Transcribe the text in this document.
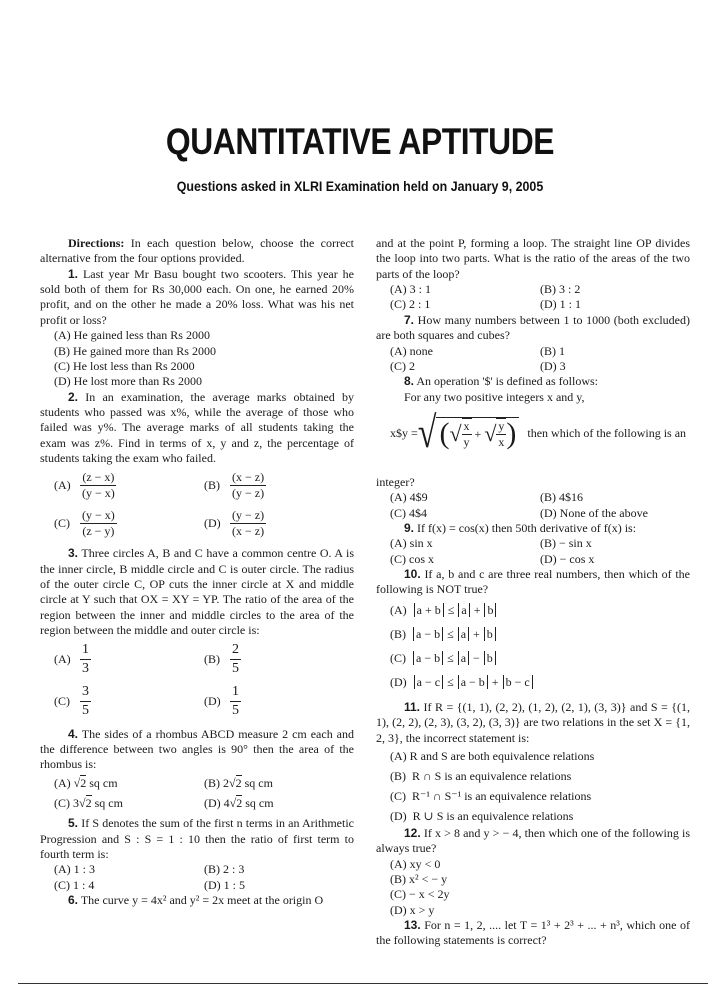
QUANTITATIVE APTITUDE
Questions asked in XLRI Examination held on January 9, 2005

Directions: In each question below, choose the correct alternative from the four options provided.

1. Last year Mr Basu bought two scooters. This year he sold both of them for Rs 30,000 each. On one, he earned 20% profit, and on the other he made a 20% loss. What was his net profit or loss?

(A) He gained less than Rs 2000
(B) He gained more than Rs 2000
(C) He lost less than Rs 2000
(D) He lost more than Rs 2000

2. In an examination, the average marks obtained by students who passed was x%, while the average of those who failed was y%. The average marks of all students taking the exam was z%. Find in terms of x, y and z, the percentage of students taking the exam who failed.

$(A) \frac{(z - x)}{(y - x)}$	$(B) \frac{(x - z)}{(y - z)}$
$(C) \frac{(y - x)}{(z - y)}$	$(D) \frac{(y - z)}{(x - z)}$

3. Three circles A, B and C have a common centre O. A is the inner circle, B middle circle and C is outer circle. The radius of the outer circle C, OP cuts the inner circle at X and middle circle at Y such that OX = XY = YP. The ratio of the area of the region between the inner and middle circles to the area of the region between the middle and outer circle is:

$(A) \frac{1}{3}$	$(B) \frac{2}{5}$
$(C) \frac{3}{5}$	$(D) \frac{1}{5}$

4. The sides of a rhombus ABCD measure 2 cm each and the difference between two angles is 90° then the area of the rhombus is:

(A) √2 sq cm	(B) 2√2 sq cm
(C) 3√2 sq cm	(D) 4√2 sq cm

5. If S denotes the sum of the first n terms in an Arithmetic Progression and S : S = 1 : 10 then the ratio of first term to fourth term is:

(A) 1 : 3	(B) 2 : 3
(C) 1 : 4	(D) 1 : 5

6. The curve y = 4x² and y² = 2x meet at the origin O

and at the point P, forming a loop. The straight line OP divides the loop into two parts. What is the ratio of the areas of the two parts of the loop?

(A) 3 : 1	(B) 3 : 2
(C) 2 : 1	(D) 1 : 1

7. How many numbers between 1 to 1000 (both excluded) are both squares and cubes?

(A) none	(B) 1
(C) 2	(D) 3

8. An operation '$' is defined as follows:

For any two positive integers x and y,

x$y = √ ( √ $\frac{x}{y}$ + √ $\frac{y}{x}$ ) then which of the following is an

integer?

(A) 4$9	(B) 4$16
(C) 4$4	(D) None of the above

9. If f(x) = cos(x) then 50th derivative of f(x) is:

(A) sin x	(B) − sin x
(C) cos x	(D) − cos x

10. If a, b and c are three real numbers, then which of the following is NOT true?

(A) a + b ≤ a + b
(B) a − b ≤ a + b
(C) a − b ≤ a − b
(D) a − c ≤ a − b + b − c

11. If R = {(1, 1), (2, 2), (1, 2), (2, 1), (3, 3)} and S = {(1, 1), (2, 2), (2, 3), (3, 2), (3, 3)} are two relations in the set X = {1, 2, 3}, the incorrect statement is:

(A) R and S are both equivalence relations
(B) R ∩ S is an equivalence relations
(C) R⁻¹ ∩ S⁻¹ is an equivalence relations
(D) R ∪ S is an equivalence relations

12. If x > 8 and y > − 4, then which one of the following is always true?

(A) xy < 0
(B) x² < − y
(C) − x < 2y
(D) x > y

13. For n = 1, 2, .... let T = 1³ + 2³ + ... + n³, which one of the following statements is correct?
